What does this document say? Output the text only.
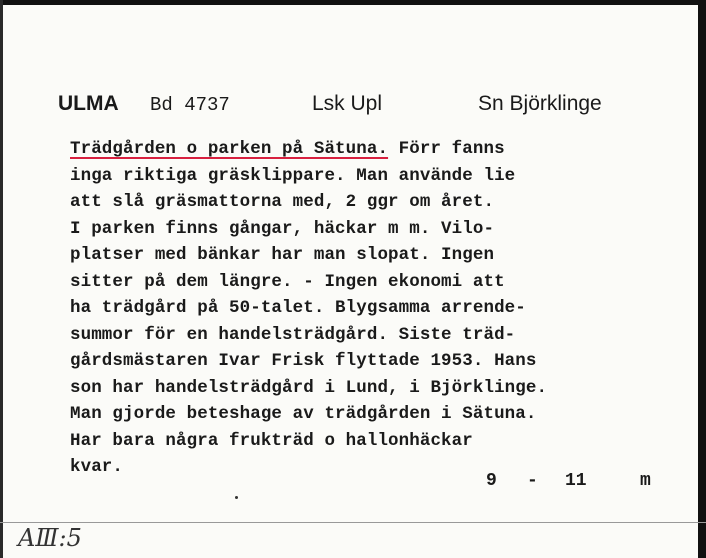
ULMA Bd 4737	Lsk Upl	Sn Björklinge
Trädgården o parken på Sätuna. Förr fanns
inga riktiga gräsklippare. Man använde lie
att slå gräsmattorna med, 2 ggr om året.
I parken finns gångar, häckar m m. Vilo-
platser med bänkar har man slopat. Ingen
sitter på dem längre. - Ingen ekonomi att
ha trädgård på 50-talet. Blygsamma arrende-
summor för en handelsträdgård. Siste träd-
gårdsmästaren Ivar Frisk flyttade 1953. Hans
son har handelsträdgård i Lund, i Björklinge.
Man gjorde beteshage av trädgården i Sätuna.
Har bara några frukträd o hallonhäckar
kvar.
9 - 11	m
AⅢ:5
